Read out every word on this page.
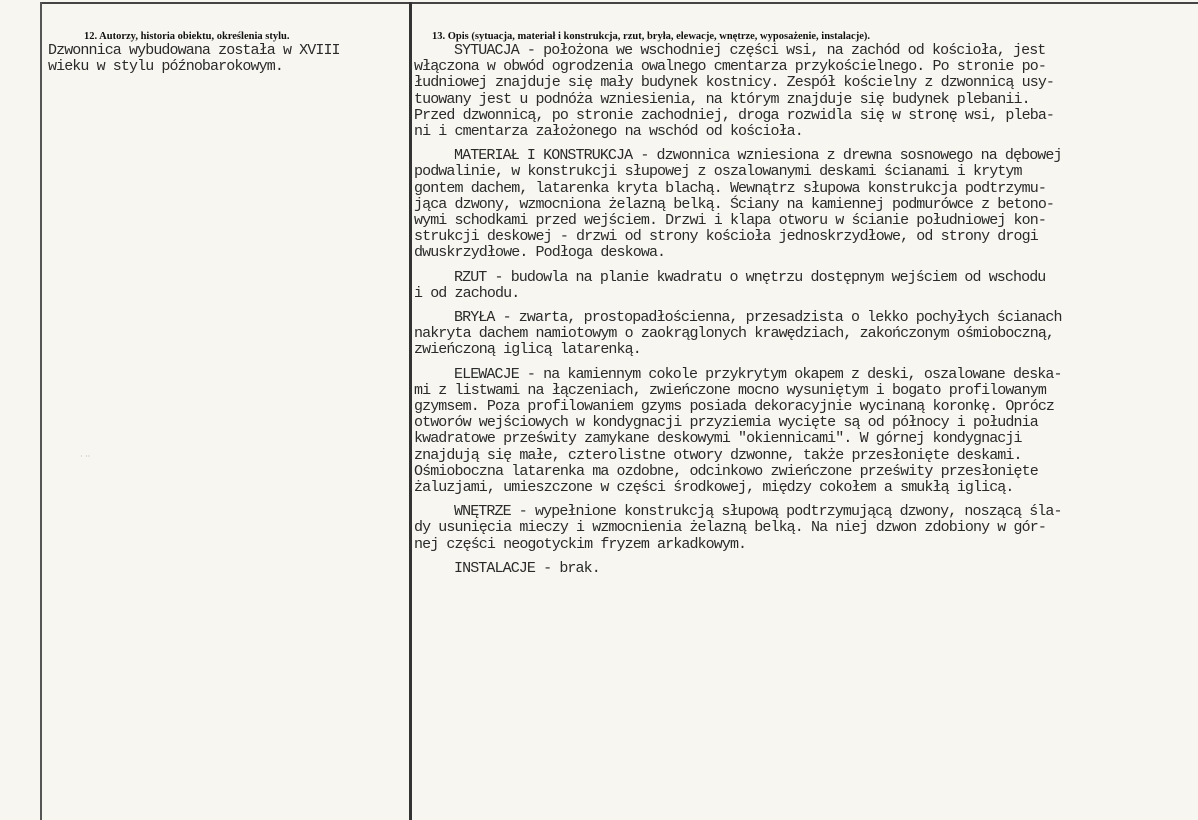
· ··
12. Autorzy, historia obiektu, określenia stylu.
Dzwonnica wybudowana została w XVIII
wieku w stylu późnobarokowym.
13. Opis (sytuacja, materiał i konstrukcja, rzut, bryła, elewacje, wnętrze, wyposażenie, instalacje).

SYTUACJA - położona we wschodniej części wsi, na zachód od kościoła, jest
włączona w obwód ogrodzenia owalnego cmentarza przykościelnego. Po stronie po-
łudniowej znajduje się mały budynek kostnicy. Zespół kościelny z dzwonnicą usy-
tuowany jest u podnóża wzniesienia, na którym znajduje się budynek plebanii.
Przed dzwonnicą, po stronie zachodniej, droga rozwidla się w stronę wsi, pleba-
ni i cmentarza założonego na wschód od kościoła.

MATERIAŁ I KONSTRUKCJA - dzwonnica wzniesiona z drewna sosnowego na dębowej
podwalinie, w konstrukcji słupowej z oszalowanymi deskami ścianami i krytym
gontem dachem, latarenka kryta blachą. Wewnątrz słupowa konstrukcja podtrzymu-
jąca dzwony, wzmocniona żelazną belką. Ściany na kamiennej podmurówce z betono-
wymi schodkami przed wejściem. Drzwi i klapa otworu w ścianie południowej kon-
strukcji deskowej - drzwi od strony kościoła jednoskrzydłowe, od strony drogi
dwuskrzydłowe. Podłoga deskowa.

RZUT - budowla na planie kwadratu o wnętrzu dostępnym wejściem od wschodu
i od zachodu.

BRYŁA - zwarta, prostopadłościenna, przesadzista o lekko pochyłych ścianach
nakryta dachem namiotowym o zaokrąglonych krawędziach, zakończonym ośmioboczną,
zwieńczoną iglicą latarenką.

ELEWACJE - na kamiennym cokole przykrytym okapem z deski, oszalowane deska-
mi z listwami na łączeniach, zwieńczone mocno wysuniętym i bogato profilowanym
gzymsem. Poza profilowaniem gzyms posiada dekoracyjnie wycinaną koronkę. Oprócz
otworów wejściowych w kondygnacji przyziemia wycięte są od północy i południa
kwadratowe prześwity zamykane deskowymi "okiennicami". W górnej kondygnacji
znajdują się małe, czterolistne otwory dzwonne, także przesłonięte deskami.
Ośmioboczna latarenka ma ozdobne, odcinkowo zwieńczone prześwity przesłonięte
żaluzjami, umieszczone w części środkowej, między cokołem a smukłą iglicą.

WNĘTRZE - wypełnione konstrukcją słupową podtrzymującą dzwony, noszącą śla-
dy usunięcia mieczy i wzmocnienia żelazną belką. Na niej dzwon zdobiony w gór-
nej części neogotyckim fryzem arkadkowym.

INSTALACJE - brak.
